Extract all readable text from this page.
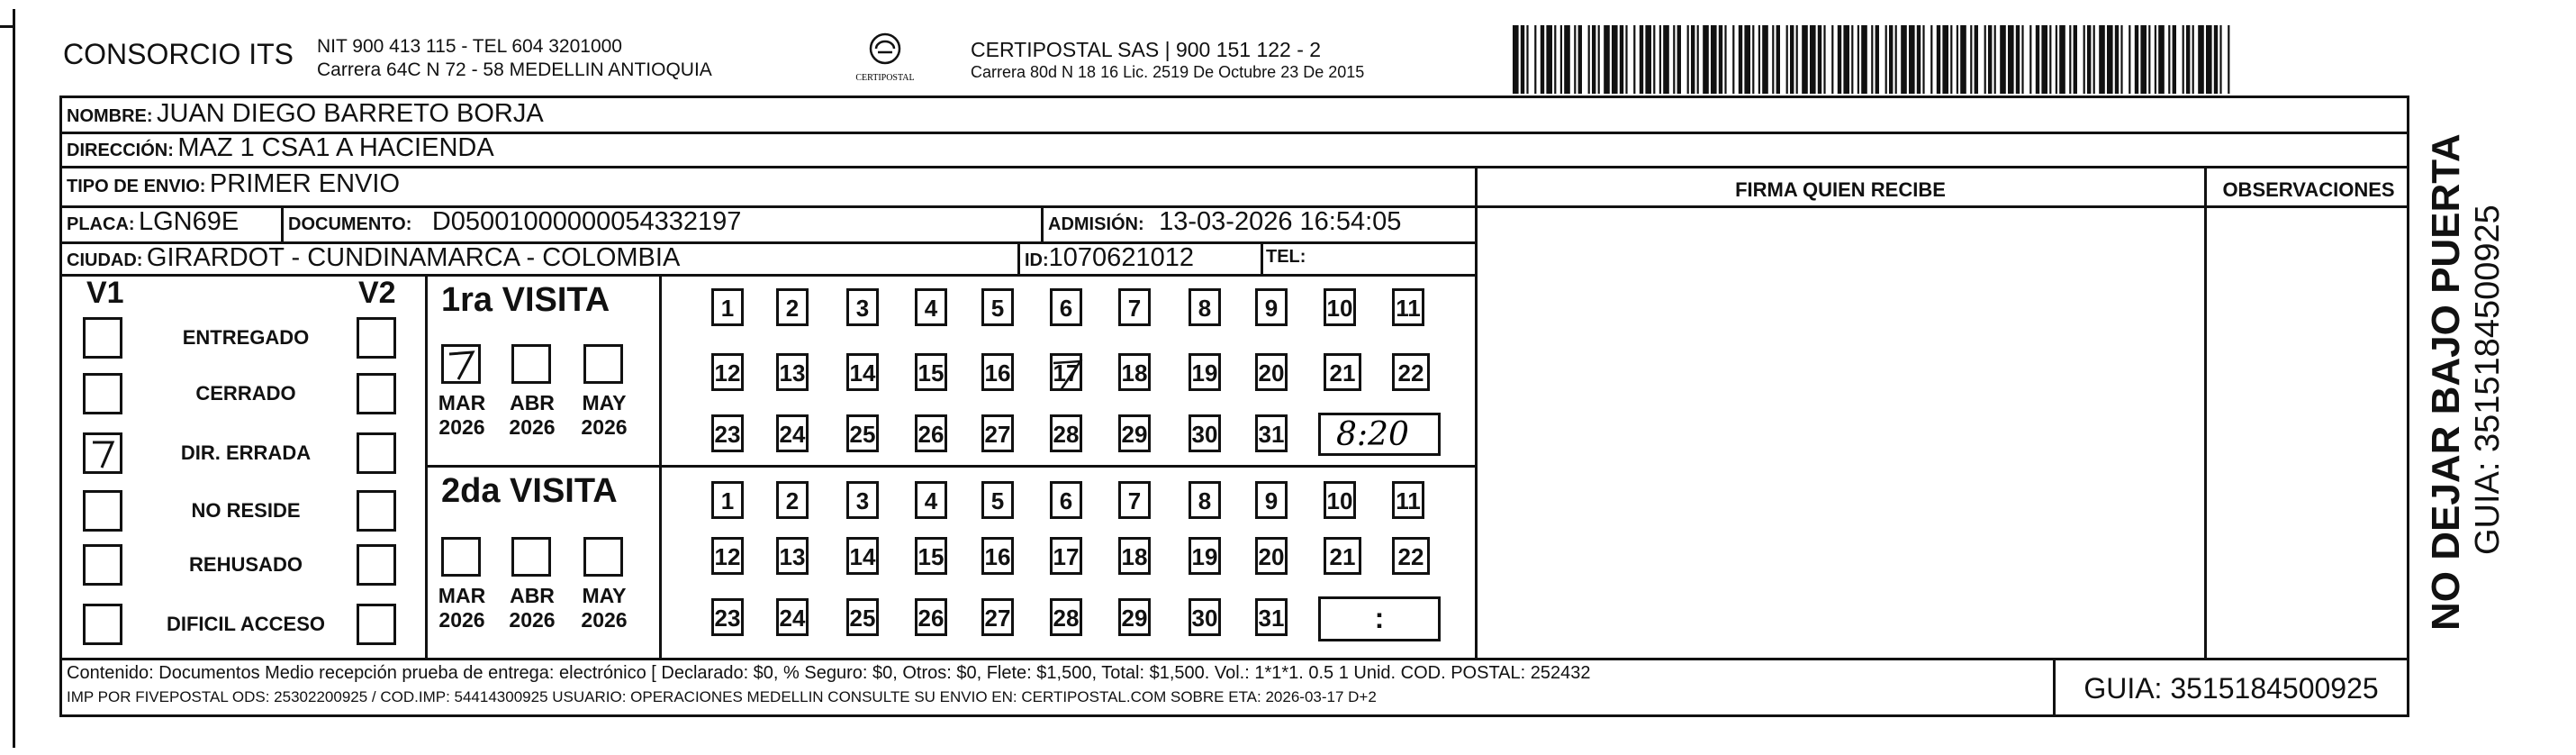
CONSORCIO ITS NIT 900 413 115 - TEL 604 3201000
Carrera 64C N 72 - 58 MEDELLIN ANTIOQUIA	CERTIPOSTAL
CERTIPOSTAL SAS | 900 151 122 - 2
Carrera 80d N 18 16 Lic. 2519 De Octubre 23 De 2015
NOMBRE: JUAN DIEGO BARRETO BORJA
DIRECCIÓN: MAZ 1 CSA1 A HACIENDA
TIPO DE ENVIO: PRIMER ENVIO
PLACA: LGN69E	DOCUMENTO: D05001000000054332197	ADMISIÓN: 13-03-2026 16:54:05
CIUDAD: GIRARDOT - CUNDINAMARCA - COLOMBIA	ID:1070621012	TEL:
FIRMA QUIEN RECIBE	OBSERVACIONES
Contenido: Documentos Medio recepción prueba de entrega: electrónico [ Declarado: $0, % Seguro: $0, Otros: $0, Flete: $1,500, Total: $1,500. Vol.: 1*1*1. 0.5 1 Unid. COD. POSTAL: 252432
IMP POR FIVEPOSTAL ODS: 25302200925 / COD.IMP: 54414300925 USUARIO: OPERACIONES MEDELLIN CONSULTE SU ENVIO EN: CERTIPOSTAL.COM SOBRE ETA: 2026-03-17 D+2	GUIA: 3515184500925
NO DEJAR BAJO PUERTA GUIA: 3515184500925
V1	V2
ENTREGADO
CERRADO
DIR. ERRADA
NO RESIDE
REHUSADO
DIFICIL ACCESO
1ra VISITA
MAR
2026
ABR
2026
MAY
2026
1	2	3	4	5	6	7	8	9	10 11
12 13 14 15 16 17 18 19 20 21 22
23 24 25 26 27 28 29 30 31 8:20
2da VISITA
MAR
2026
ABR
2026
MAY
2026
1	2	3	4	5	6	7	8	9	10 11
12 13 14 15 16 17 18 19 20 21 22
23 24 25 26 27 28 29 30 31	:
